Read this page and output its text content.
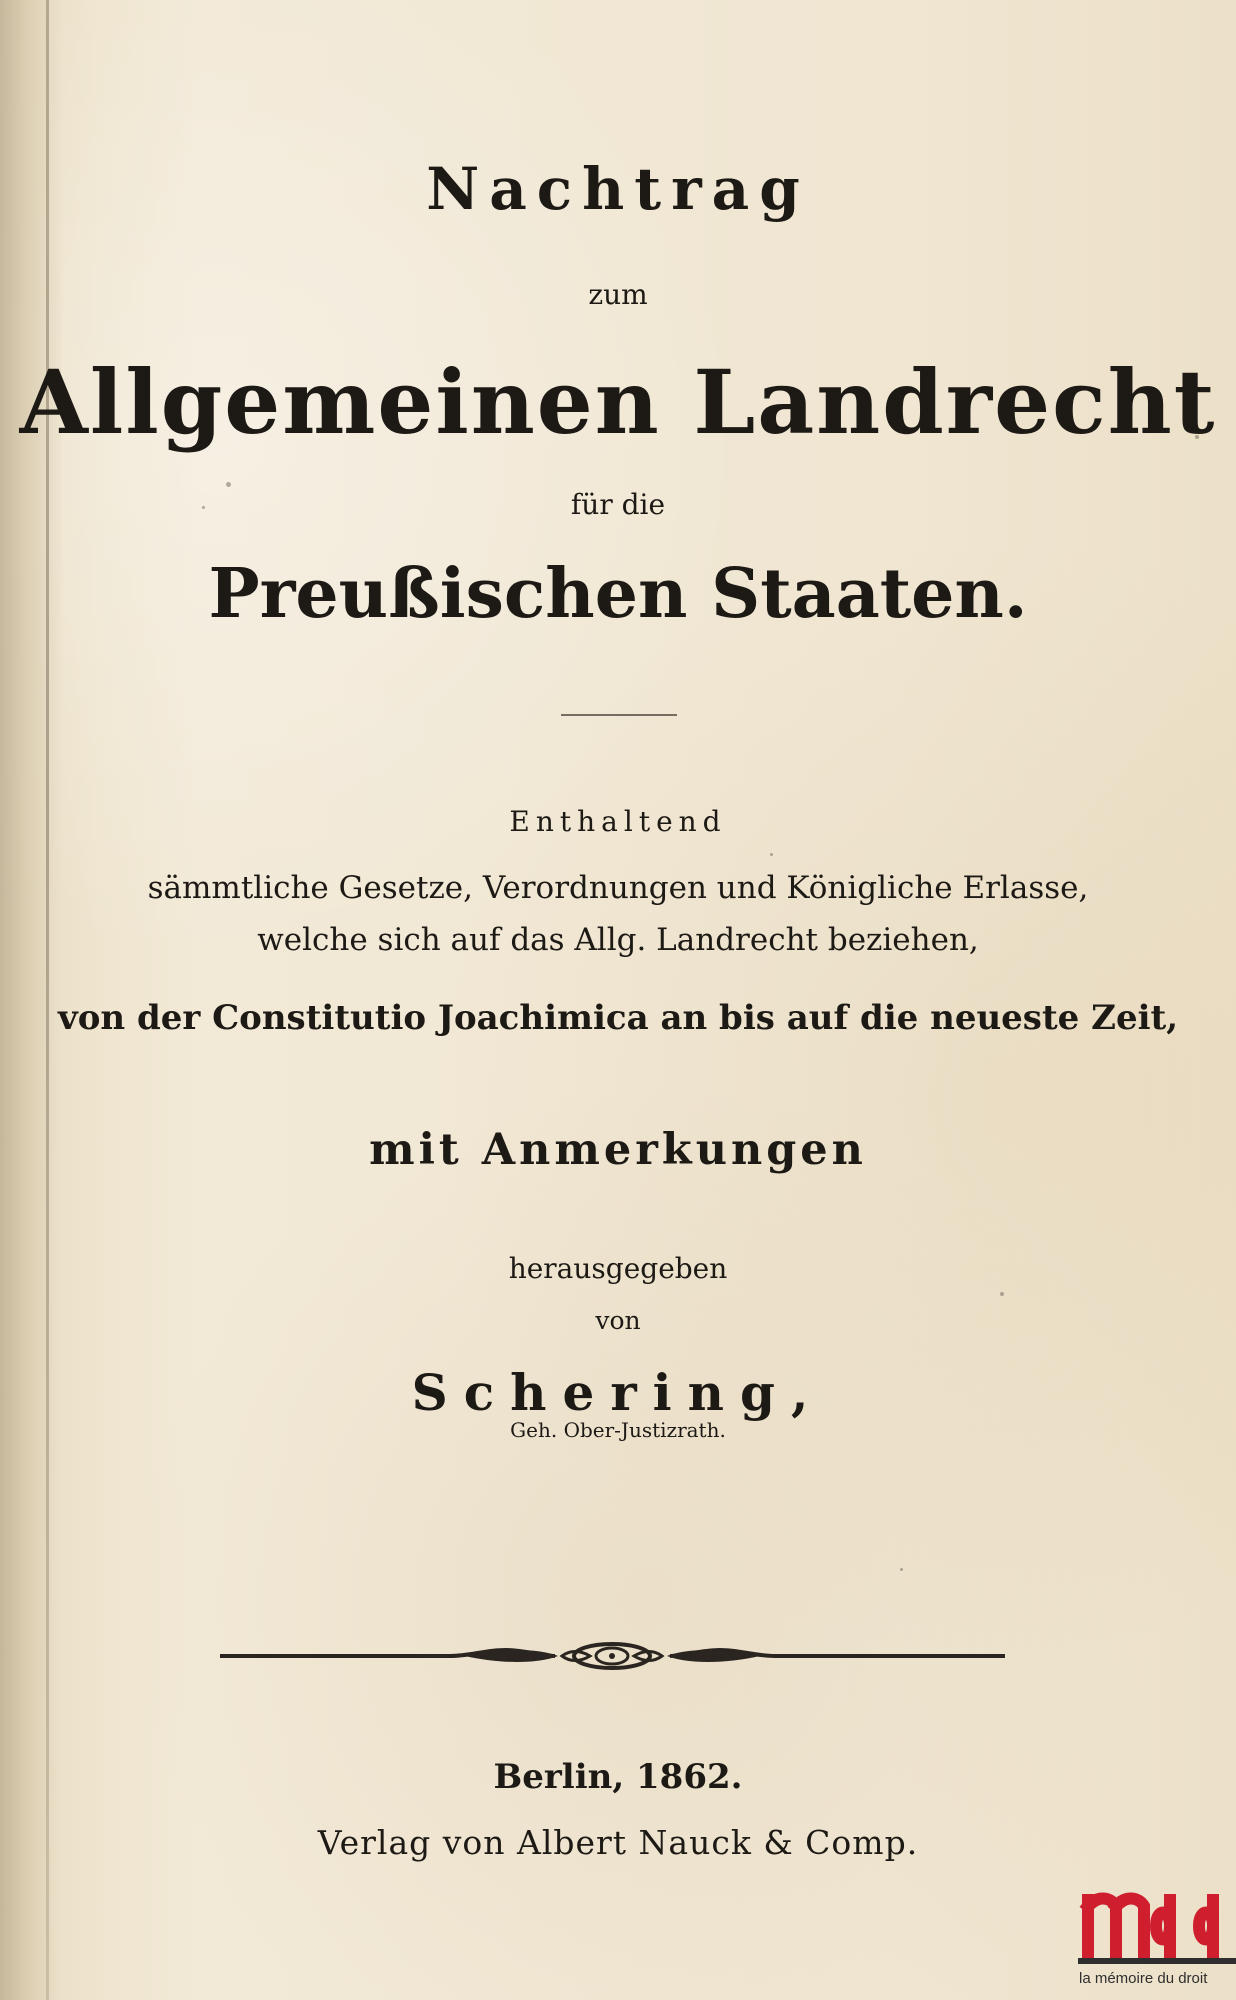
Nachtrag
zum
Allgemeinen Landrecht
für die
Preußischen Staaten.
Enthaltend
sämmtliche Gesetze, Verordnungen und Königliche Erlasse,
welche sich auf das Allg. Landrecht beziehen,
von der Constitutio Joachimica an bis auf die neueste Zeit,
mit Anmerkungen
herausgegeben
von
Schering,
Geh. Ober-Justizrath.
Berlin, 1862.
Verlag von Albert Nauck & Comp.
la mémoire du droit
